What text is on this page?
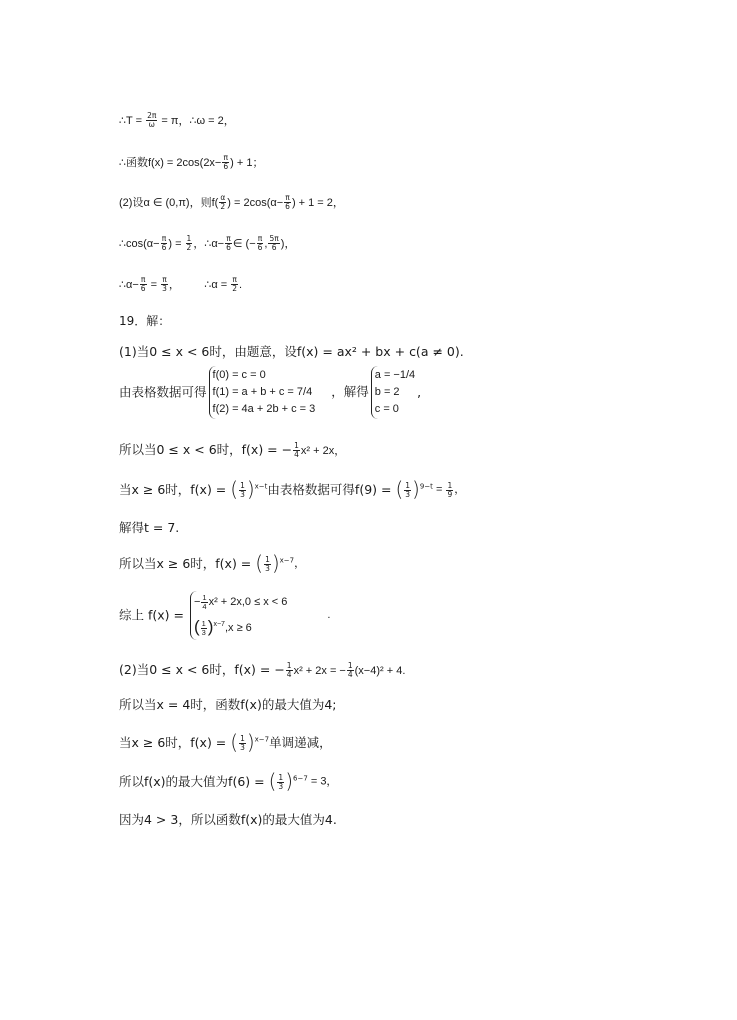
∴T = $\frac{2\pi}{\omega} = \pi$，∴ω = 2，
∴函数$f(x) = 2\cos(2x- \frac{\pi}{6}$ ) + 1；
(2)设α ∈ (0,π)，则$f( \frac{\alpha}{2}$ ) = $2\cos(\alpha- \frac{\pi}{6}$ ) + 1 = 2，
∴cos(α− $\frac{\pi}{6}$ ) = $\frac{1}{2}$ ，∴α− $\frac{\pi}{6}$ ∈ (− $\frac{\pi}{6}$ , $\frac{5\pi}{6}$ )，
∴α− $\frac{\pi}{6} = \frac{\pi}{3}$ ，        ∴α = $\frac{\pi}{2}$ .
19．解：
(1)当0 ≤ x < 6时，由题意，设f(x) = ax² + bx + c(a ≠ 0).
由表格数据可得
f(0) = c = 0
f(1) = a + b + c = 7/4
f(2) = 4a + 2b + c = 3
，解得
a = −1/4
b = 2
c = 0
,
所以当0 ≤ x < 6时，f(x) = − $\frac{1}{4} x^2 + 2x$，
当x ≥ 6时，f(x) = ( $\frac{1}{3} )^{x-t}$由表格数据可得f(9) = ( $\frac{1}{3} )^{9-t} = \frac{1}{9}$ ，
解得t = 7.
所以当x ≥ 6时，f(x) = ( $\frac{1}{3} )^{x-7}$，
综上 f(x) =
− $\frac{1}{4} x^2 + 2x,0 \le x < 6$
( $\frac{1}{3} )^{x-7},x \ge 6$
.
(2)当0 ≤ x < 6时，f(x) = − $\frac{1}{4} x^2 + 2x$ = − $\frac{1}{4} (x-4)^2 + 4$.
所以当x = 4时，函数f(x)的最大值为4;
当x ≥ 6时，f(x) = ( $\frac{1}{3} )^{x-7}$单调递减，
所以f(x)的最大值为f(6) = ( $\frac{1}{3} )^{6-7} = 3$，
因为4 > 3，所以函数f(x)的最大值为4.
